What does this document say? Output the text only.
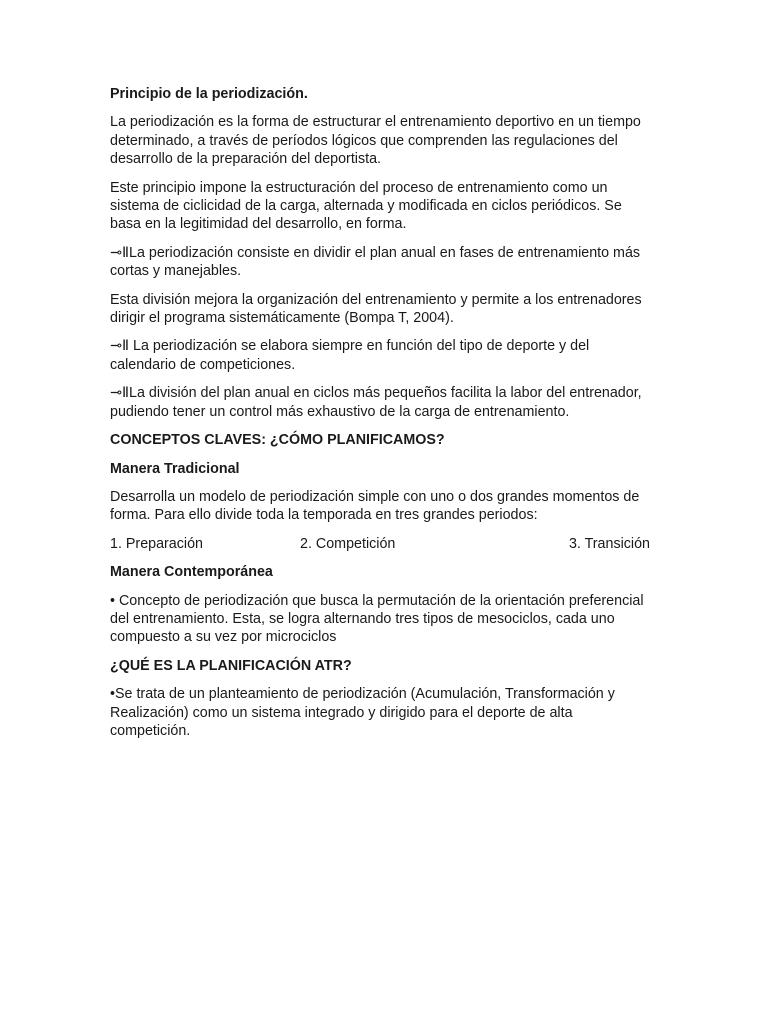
Principio de la periodización.

La periodización es la forma de estructurar el entrenamiento deportivo en un tiempo determinado, a través de períodos lógicos que comprenden las regulaciones del desarrollo de la preparación del deportista.

Este principio impone la estructuración del proceso de entrenamiento como un sistema de ciclicidad de la carga, alternada y modificada en ciclos periódicos. Se basa en la legitimidad del desarrollo, en forma.

⊸ⅡLa periodización consiste en dividir el plan anual en fases de entrenamiento más cortas y manejables.

Esta división mejora la organización del entrenamiento y permite a los entrenadores dirigir el programa sistemáticamente (Bompa T, 2004).

⊸Ⅱ La periodización se elabora siempre en función del tipo de deporte y del calendario de competiciones.

⊸ⅡLa división del plan anual en ciclos más pequeños facilita la labor del entrenador, pudiendo tener un control más exhaustivo de la carga de entrenamiento.

CONCEPTOS CLAVES: ¿CÓMO PLANIFICAMOS?

Manera Tradicional

Desarrolla un modelo de periodización simple con uno o dos grandes momentos de forma. Para ello divide toda la temporada en tres grandes periodos:

1. Preparación	2. Competición	3. Transición

Manera Contemporánea

• Concepto de periodización que busca la permutación de la orientación preferencial del entrenamiento. Esta, se logra alternando tres tipos de mesociclos, cada uno compuesto a su vez por microciclos

¿QUÉ ES LA PLANIFICACIÓN ATR?

•Se trata de un planteamiento de periodización (Acumulación, Transformación y Realización) como un sistema integrado y dirigido para el deporte de alta competición.
